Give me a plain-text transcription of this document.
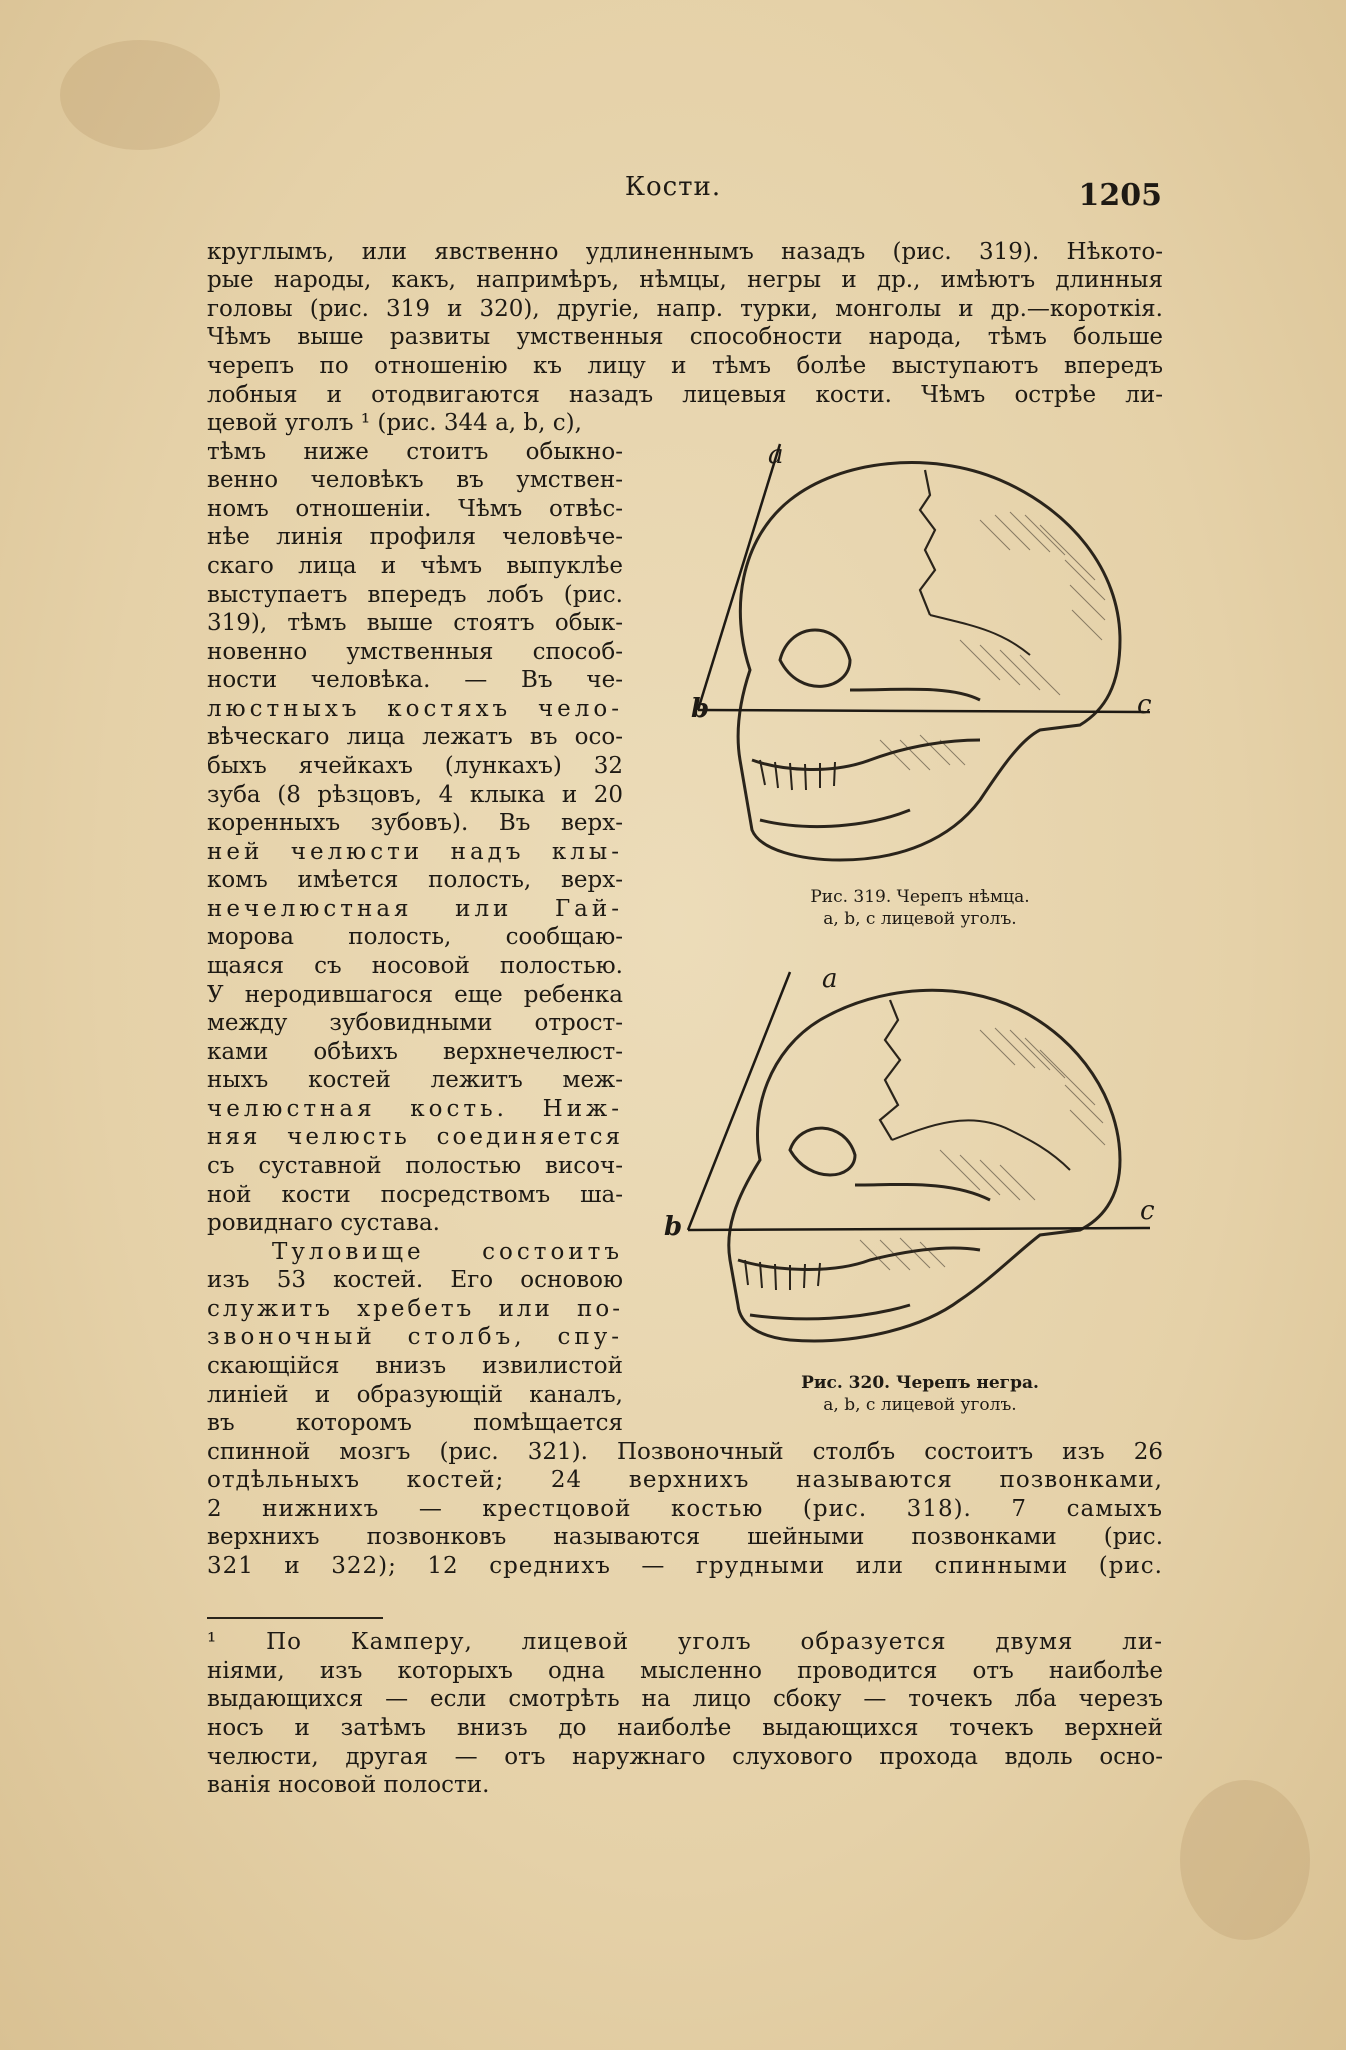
Кости.	1205
круглымъ, или явственно удлиненнымъ назадъ (рис. 319). Нѣкото-
рые народы, какъ, напримѣръ, нѣмцы, негры и др., имѣютъ длинныя
головы (рис. 319 и 320), другіе, напр. турки, монголы и др.—короткія.
Чѣмъ выше развиты умственныя способности народа, тѣмъ больше
черепъ по отношенію къ лицу и тѣмъ болѣе выступаютъ впередъ
лобныя и отодвигаются назадъ лицевыя кости. Чѣмъ острѣе ли-
цевой уголъ ¹ (рис. 344 a, b, c),
тѣмъ ниже стоитъ обыкно-
венно человѣкъ въ умствен-
номъ отношеніи. Чѣмъ отвѣс-
нѣе линія профиля человѣче-
скаго лица и чѣмъ выпуклѣе
выступаетъ впередъ лобъ (рис.
319), тѣмъ выше стоятъ обык-
новенно умственныя способ-
ности человѣка. — Въ че-
люстныхъ костяхъ чело-
вѣческаго лица лежатъ въ осо-
быхъ ячейкахъ (лункахъ) 32
зуба (8 рѣзцовъ, 4 клыка и 20
коренныхъ зубовъ). Въ верх-
ней челюсти надъ клы-
комъ имѣется полость, верх-
нечелюстная или Гай-
морова полость, сообщаю-
щаяся съ носовой полостью.
У неродившагося еще ребенка
между зубовидными отрост-
ками обѣихъ верхнечелюст-
ныхъ костей лежитъ меж-
челюстная кость. Ниж-
няя челюсть соединяется
съ суставной полостью височ-
ной кости посредствомъ ша-
ровиднаго сустава.
Туловище состоитъ
изъ 53 костей. Его основою
служитъ хребетъ или по-
звоночный столбъ, спу-
скающійся внизъ извилистой
линіей и образующій каналъ,
въ которомъ помѣщается
спинной мозгъ (рис. 321). Позвоночный столбъ состоитъ изъ 26
отдѣльныхъ костей; 24 верхнихъ называются позвонками,
2 нижнихъ — крестцовой костью (рис. 318). 7 самыхъ
верхнихъ позвонковъ называются шейными позвонками (рис.
321 и 322); 12 среднихъ — грудными или спинными (рис.
¹ По Камперу, лицевой уголъ образуется двумя ли-
ніями, изъ которыхъ одна мысленно проводится отъ наиболѣе
выдающихся — если смотрѣть на лицо сбоку — точекъ лба черезъ
носъ и затѣмъ внизъ до наиболѣе выдающихся точекъ верхней
челюсти, другая — отъ наружнаго слухового прохода вдоль осно-
ванія носовой полости.
a
b	c
Рис. 319. Черепъ нѣмца.
a, b, c лицевой уголъ.
a
b
c
Рис. 320. Черепъ негра.
a, b, c лицевой уголъ.
